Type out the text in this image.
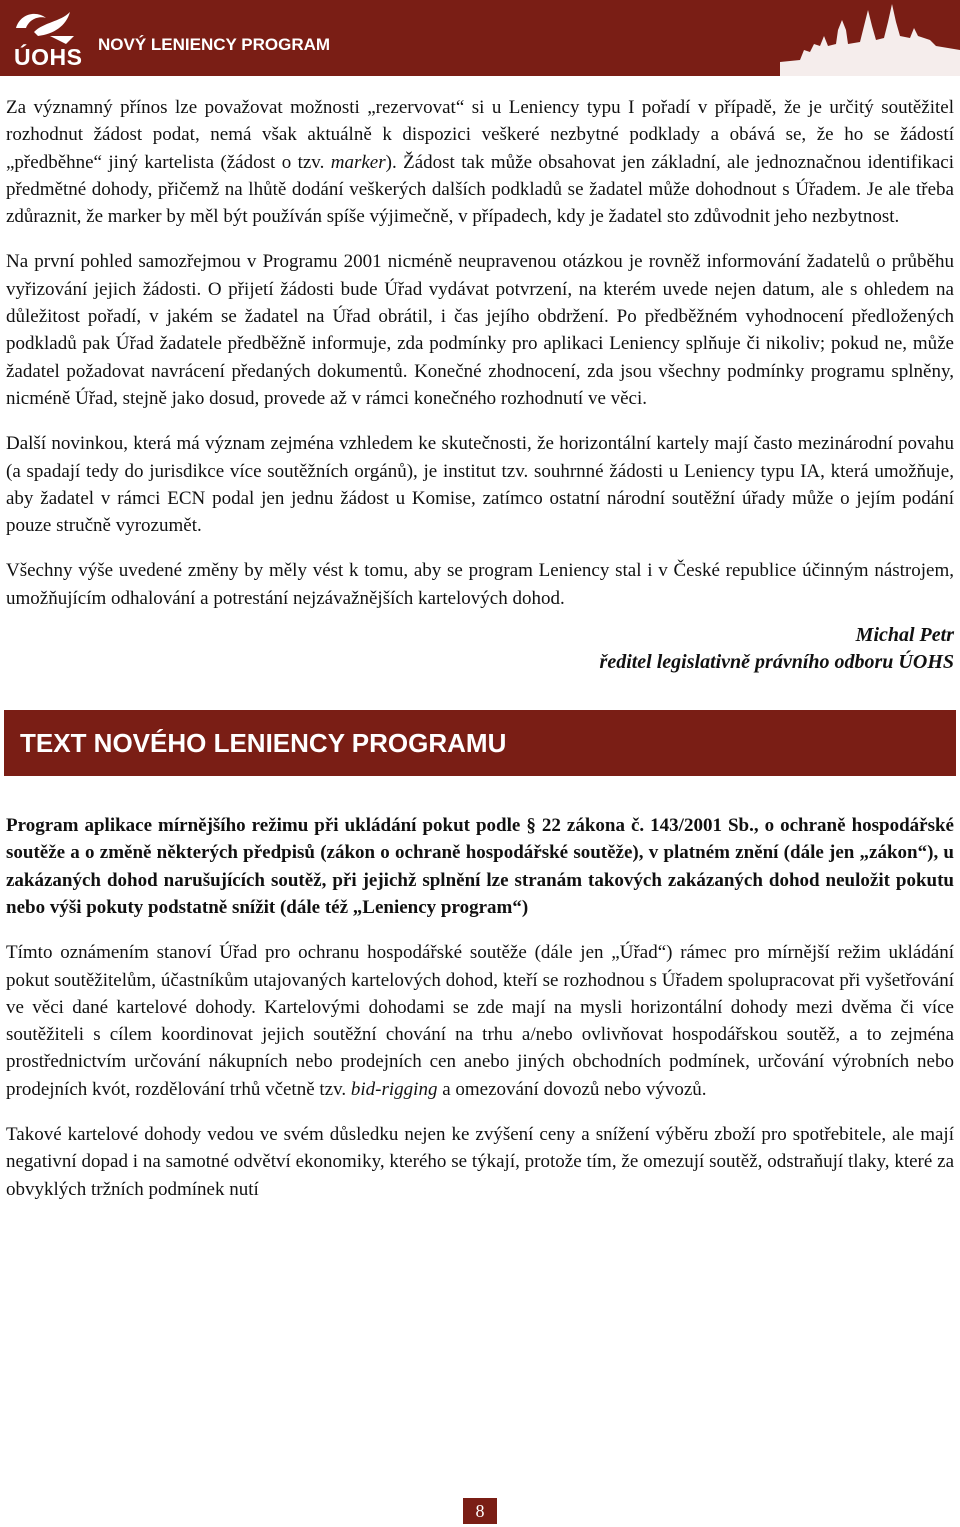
ÚOHS NOVÝ LENIENCY PROGRAM

Za významný přínos lze považovat možnosti „rezervovat“ si u Leniency typu I pořadí v případě, že je určitý soutěžitel rozhodnut žádost podat, nemá však aktuálně k dispozici veškeré nezbytné podklady a obává se, že ho se žádostí „předběhne“ jiný kartelista (žádost o tzv. marker). Žádost tak může obsahovat jen základní, ale jednoznačnou identifikaci předmětné dohody, přičemž na lhůtě dodání veškerých dalších podkladů se žadatel může dohodnout s Úřadem. Je ale třeba zdůraznit, že marker by měl být používán spíše výjimečně, v případech, kdy je žadatel sto zdůvodnit jeho nezbytnost.

Na první pohled samozřejmou v Programu 2001 nicméně neupravenou otázkou je rovněž informování žadatelů o průběhu vyřizování jejich žádosti. O přijetí žádosti bude Úřad vydávat potvrzení, na kterém uvede nejen datum, ale s ohledem na důležitost pořadí, v jakém se žadatel na Úřad obrátil, i čas jejího obdržení. Po předběžném vyhodnocení předložených podkladů pak Úřad žadatele předběžně informuje, zda podmínky pro aplikaci Leniency splňuje či nikoliv; pokud ne, může žadatel požadovat navrácení předaných dokumentů. Konečné zhodnocení, zda jsou všechny podmínky programu splněny, nicméně Úřad, stejně jako dosud, provede až v rámci konečného rozhodnutí ve věci.

Další novinkou, která má význam zejména vzhledem ke skutečnosti, že horizontální kartely mají často mezinárodní povahu (a spadají tedy do jurisdikce více soutěžních orgánů), je institut tzv. souhrnné žádosti u Leniency typu IA, která umožňuje, aby žadatel v rámci ECN podal jen jednu žádost u Komise, zatímco ostatní národní soutěžní úřady může o jejím podání pouze stručně vyrozumět.

Všechny výše uvedené změny by měly vést k tomu, aby se program Leniency stal i v České republice účinným nástrojem, umožňujícím odhalování a potrestání nejzávažnějších kartelových dohod.

Michal Petr

ředitel legislativně právního odboru ÚOHS

TEXT NOVÉHO LENIENCY PROGRAMU

Program aplikace mírnějšího režimu při ukládání pokut podle § 22 zákona č. 143/2001 Sb., o ochraně hospodářské soutěže a o změně některých předpisů (zákon o ochraně hospodářské soutěže), v platném znění (dále jen „zákon“), u zakázaných dohod narušujících soutěž, při jejichž splnění lze stranám takových zakázaných dohod neuložit pokutu nebo výši pokuty podstatně snížit (dále též „Leniency program“)

Tímto oznámením stanoví Úřad pro ochranu hospodářské soutěže (dále jen „Úřad“) rámec pro mírnější režim ukládání pokut soutěžitelům, účastníkům utajovaných kartelových dohod, kteří se rozhodnou s Úřadem spolupracovat při vyšetřování ve věci dané kartelové dohody. Kartelovými dohodami se zde mají na mysli horizontální dohody mezi dvěma či více soutěžiteli s cílem koordinovat jejich soutěžní chování na trhu a/nebo ovlivňovat hospodářskou soutěž, a to zejména prostřednictvím určování nákupních nebo prodejních cen anebo jiných obchodních podmínek, určování výrobních nebo prodejních kvót, rozdělování trhů včetně tzv. bid-rigging a omezování dovozů nebo vývozů.

Takové kartelové dohody vedou ve svém důsledku nejen ke zvýšení ceny a snížení výběru zboží pro spotřebitele, ale mají negativní dopad i na samotné odvětví ekonomiky, kterého se týkají, protože tím, že omezují soutěž, odstraňují tlaky, které za obvyklých tržních podmínek nutí

8
